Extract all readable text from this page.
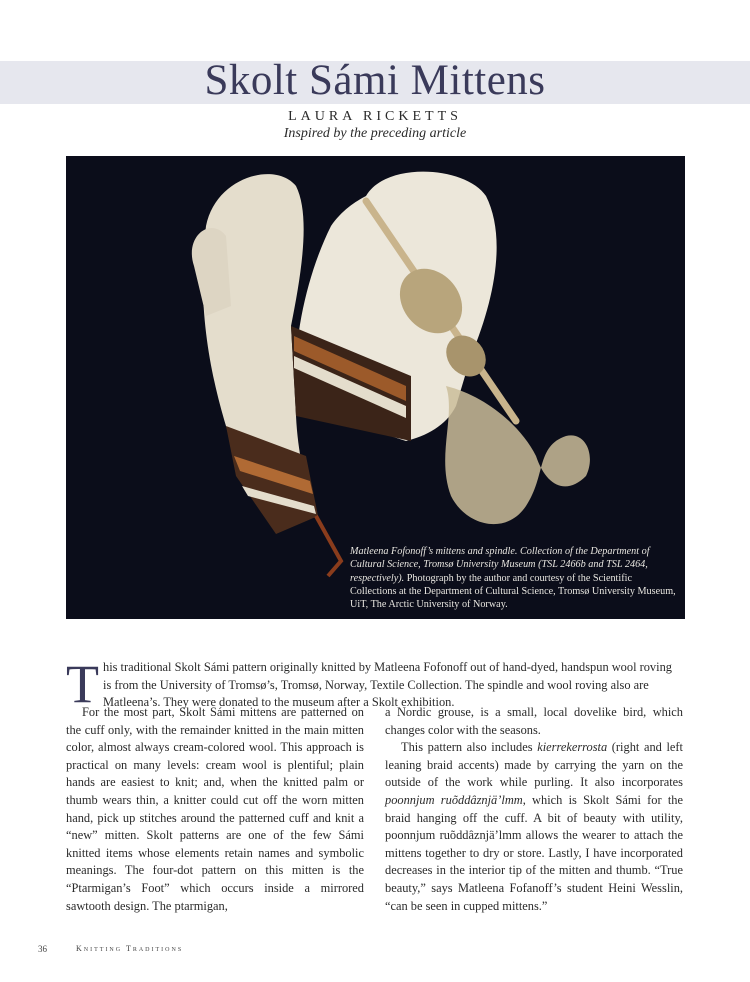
Skolt Sámi Mittens
LAURA RICKETTS
Inspired by the preceding article
Matleena Fofonoff’s mittens and spindle. Collection of the Department of Cultural Science, Tromsø University Museum (TSL 2466b and TSL 2464, respectively). Photograph by the author and courtesy of the Scientific Collections at the Department of Cultural Science, Tromsø University Museum, UiT, The Arctic University of Norway.
This traditional Skolt Sámi pattern originally knitted by Matleena Fofonoff out of hand-dyed, handspun wool roving is from the University of Tromsø’s, Tromsø, Norway, Textile Collection. The spindle and wool roving also are Matleena’s. They were donated to the museum after a Skolt exhibition.

For the most part, Skolt Sámi mittens are patterned on the cuff only, with the remainder knitted in the main mitten color, almost always cream-colored wool. This approach is practical on many levels: cream wool is plentiful; plain hands are easiest to knit; and, when the knitted palm or thumb wears thin, a knitter could cut off the worn mitten hand, pick up stitches around the patterned cuff and knit a “new” mitten. Skolt patterns are one of the few Sámi knitted items whose elements retain names and symbolic meanings. The four-dot pattern on this mitten is the “Ptarmigan’s Foot” which occurs inside a mirrored sawtooth design. The ptarmigan,

a Nordic grouse, is a small, local dovelike bird, which changes color with the seasons.

This pattern also includes kierrekerrosta (right and left leaning braid accents) made by carrying the yarn on the outside of the work while purling. It also incorporates poonnjum ruõddâznjä’lmm, which is Skolt Sámi for the braid hanging off the cuff. A bit of beauty with utility, poonnjum ruõddâznjä’lmm allows the wearer to attach the mittens together to dry or store. Lastly, I have incorporated decreases in the interior tip of the mitten and thumb. “True beauty,” says Matleena Fofanoff’s student Heini Wesslin, “can be seen in cupped mittens.”

36	Knitting Traditions
